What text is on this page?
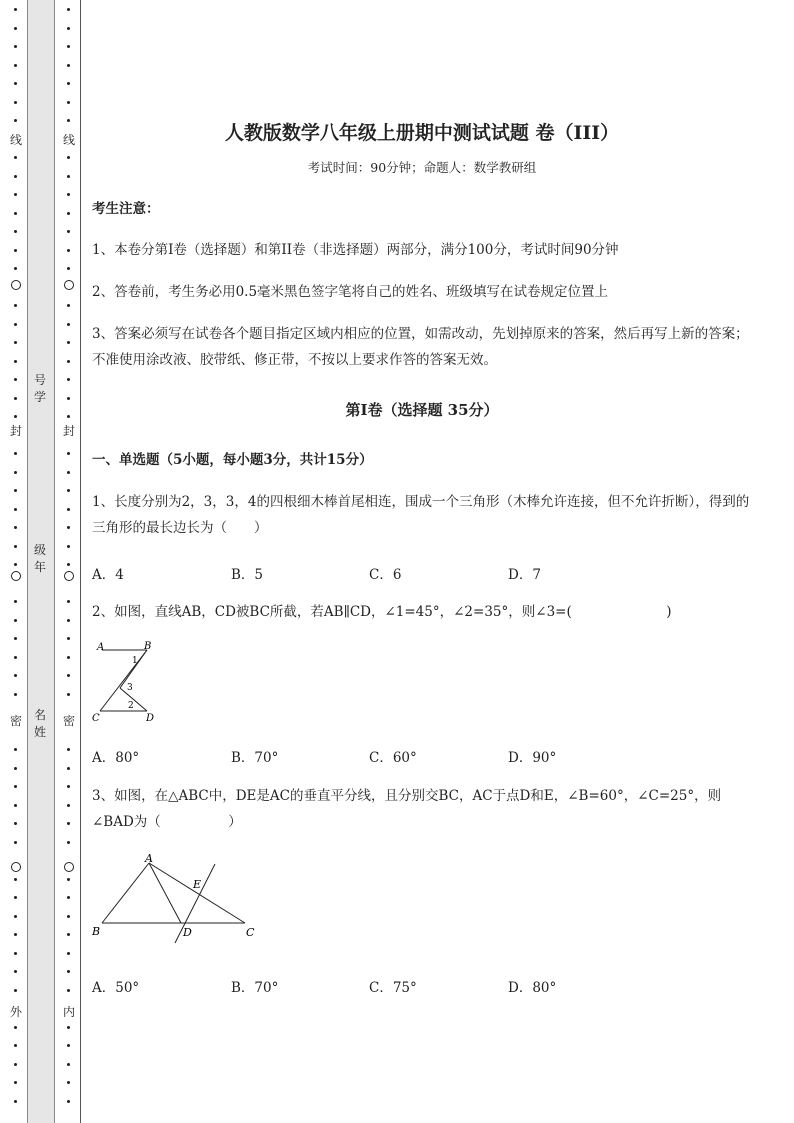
线
封
密
外
线
封
密
内
号学
级年
名姓
人教版数学八年级上册期中测试试题 卷（III）
考试时间：90分钟；命题人：数学教研组
考生注意：
1、本卷分第I卷（选择题）和第II卷（非选择题）两部分，满分100分，考试时间90分钟
2、答卷前，考生务必用0.5毫米黑色签字笔将自己的姓名、班级填写在试卷规定位置上
3、答案必须写在试卷各个题目指定区域内相应的位置，如需改动，先划掉原来的答案，然后再写上新的答案；不准使用涂改液、胶带纸、修正带，不按以上要求作答的答案无效。
第I卷（选择题 35分）
一、单选题（5小题，每小题3分，共计15分）
1、长度分别为2，3，3，4的四根细木棒首尾相连，围成一个三角形（木棒允许连接，但不允许折断），得到的三角形的最长边长为（　　）
A．4	B．5	C．6	D．7
2、如图，直线AB，CD被BC所截，若AB∥CD，∠1=45°，∠2=35°，则∠3=(　　　　　　　)
A	B
C	D
1
2
3
A．80°	B．70°	C．60°	D．90°
3、如图，在△ABC中，DE是AC的垂直平分线，且分别交BC，AC于点D和E，∠B=60°，∠C=25°，则∠BAD为（　　　　　）
A
B	C
D
E
A．50°	B．70°	C．75°	D．80°
